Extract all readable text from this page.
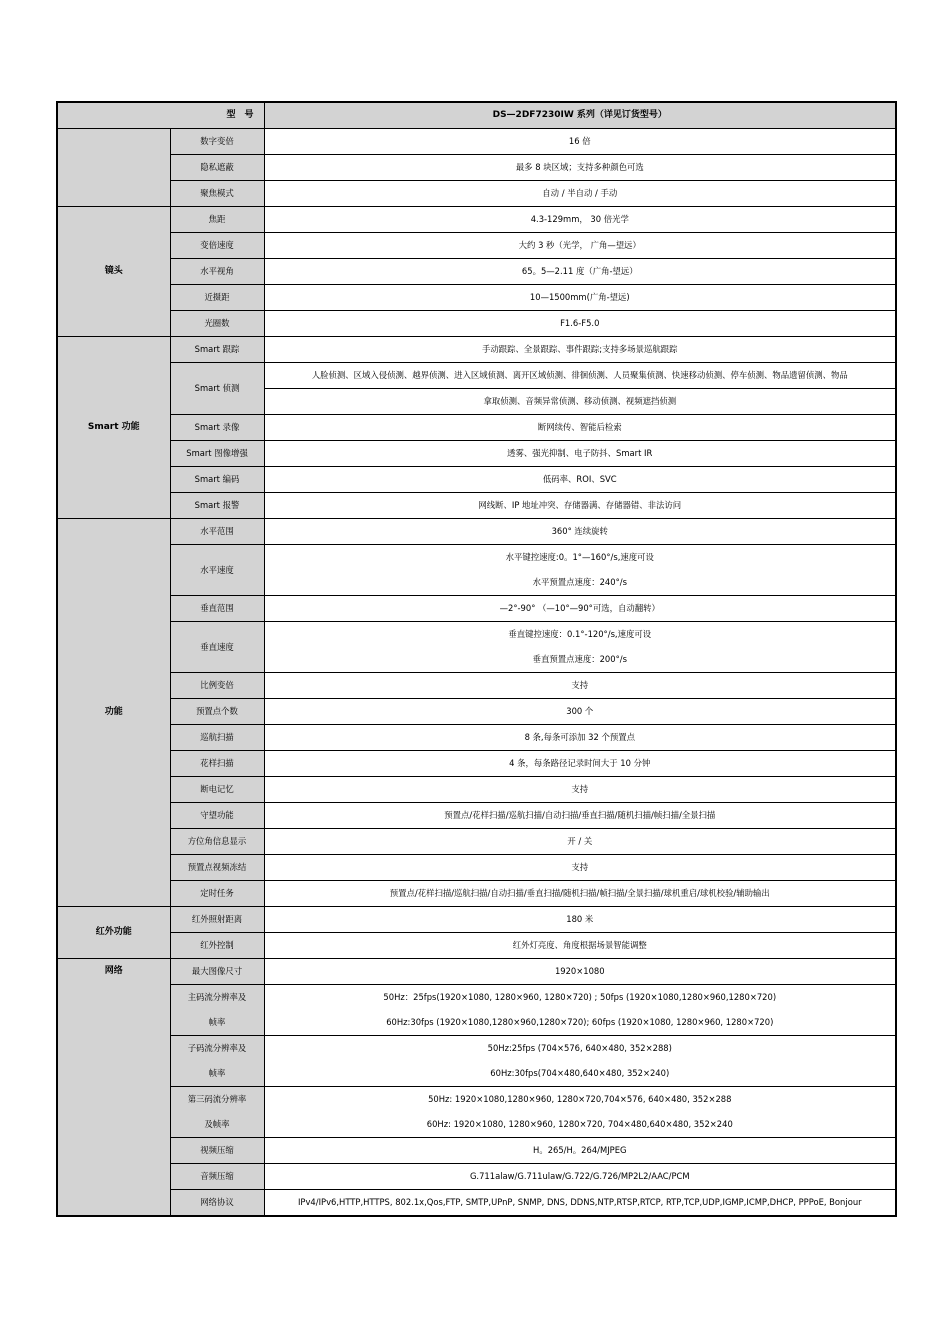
型　号		DS—2DF7230IW 系列（详见订货型号）
	数字变倍	16 倍
	隐私遮蔽	最多 8 块区域；支持多种颜色可选
	聚焦模式	自动 / 半自动 / 手动
镜头	焦距	4.3-129mm， 30 倍光学
	变倍速度	大约 3 秒（光学， 广角—望远）
	水平视角	65。5—2.11 度（广角-望远）
	近摄距	10—1500mm(广角-望远)
	光圈数	F1.6-F5.0
Smart 功能	Smart 跟踪	手动跟踪、全景跟踪、事件跟踪;支持多场景巡航跟踪
	Smart 侦测	人脸侦测、区域入侵侦测、越界侦测、进入区域侦测、离开区域侦测、徘徊侦测、人员聚集侦测、快速移动侦测、停车侦测、物品遗留侦测、物品
		拿取侦测、音频异常侦测、移动侦测、视频遮挡侦测
	Smart 录像	断网续传、智能后检索
	Smart 图像增强	透雾、强光抑制、电子防抖、Smart IR
	Smart 编码	低码率、ROI、SVC
	Smart 报警	网线断、IP 地址冲突、存储器满、存储器错、非法访问
功能	水平范围	360° 连续旋转
	水平速度	水平键控速度:0。1°—160°/s,速度可设
		水平预置点速度：240°/s
	垂直范围	—2°-90° （—10°—90°可选，自动翻转）
	垂直速度	垂直键控速度：0.1°-120°/s,速度可设
		垂直预置点速度：200°/s
	比例变倍	支持
	预置点个数	300 个
	巡航扫描	8 条,每条可添加 32 个预置点
	花样扫描	4 条，每条路径记录时间大于 10 分钟
	断电记忆	支持
	守望功能	预置点/花样扫描/巡航扫描/自动扫描/垂直扫描/随机扫描/帧扫描/全景扫描
	方位角信息显示	开 / 关
	预置点视频冻结	支持
	定时任务	预置点/花样扫描/巡航扫描/自动扫描/垂直扫描/随机扫描/帧扫描/全景扫描/球机重启/球机校验/辅助输出
红外功能	红外照射距离	180 米
	红外控制	红外灯亮度、角度根据场景智能调整
网络	最大图像尺寸	1920×1080
	主码流分辨率及	50Hz：25fps(1920×1080, 1280×960, 1280×720) ; 50fps (1920×1080,1280×960,1280×720)
	帧率	60Hz:30fps (1920×1080,1280×960,1280×720); 60fps (1920×1080, 1280×960, 1280×720)
	子码流分辨率及	50Hz:25fps (704×576, 640×480, 352×288)
	帧率	60Hz:30fps(704×480,640×480, 352×240)
	第三码流分辨率	50Hz: 1920×1080,1280×960, 1280×720,704×576, 640×480, 352×288
	及帧率	60Hz: 1920×1080, 1280×960, 1280×720, 704×480,640×480, 352×240
	视频压缩	H。265/H。264/MJPEG
	音频压缩	G.711alaw/G.711ulaw/G.722/G.726/MP2L2/AAC/PCM
	网络协议	IPv4/IPv6,HTTP,HTTPS, 802.1x,Qos,FTP, SMTP,UPnP, SNMP, DNS, DDNS,NTP,RTSP,RTCP, RTP,TCP,UDP,IGMP,ICMP,DHCP, PPPoE, Bonjour
